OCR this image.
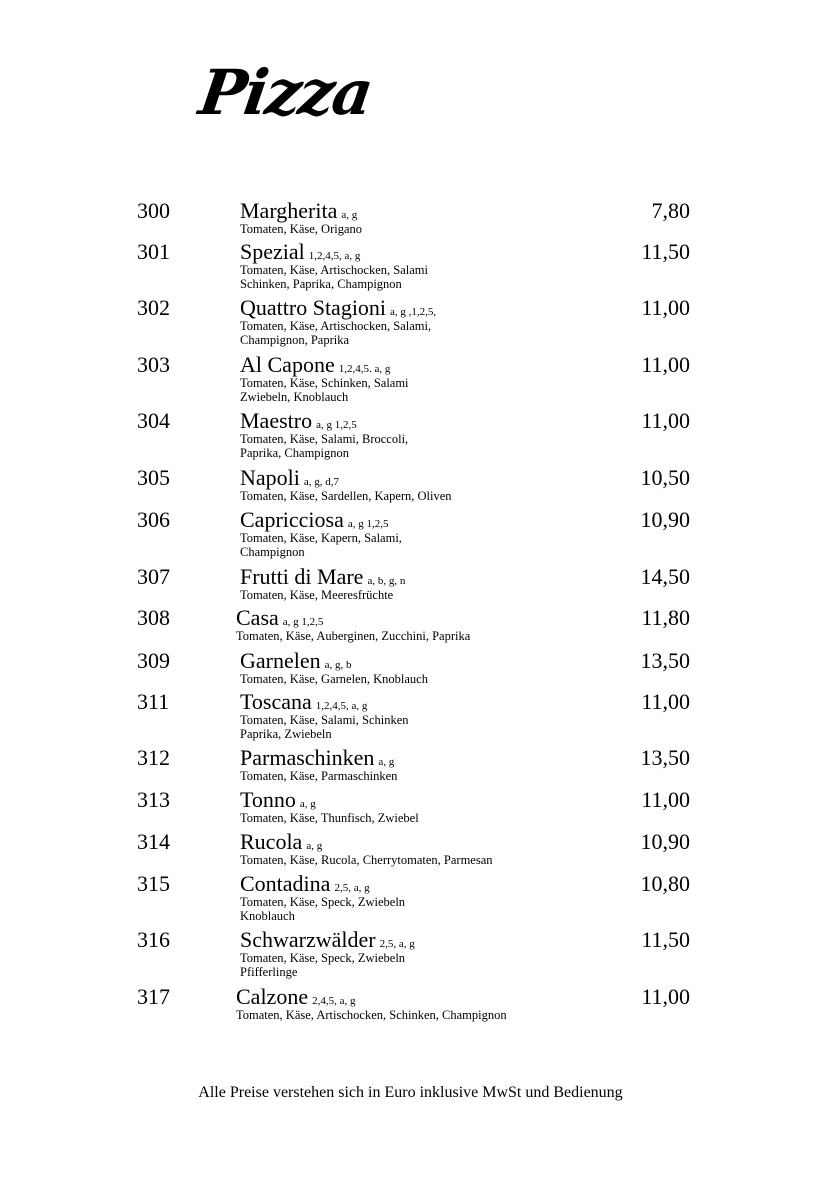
Pizza
300	Margherita a, g	7,80
Tomaten, Käse, Origano
301	Spezial 1,2,4,5, a, g	11,50
Tomaten, Käse, Artischocken, Salami
Schinken, Paprika, Champignon
302	Quattro Stagioni a, g ,1,2,5,	11,00
Tomaten, Käse, Artischocken, Salami,
Champignon, Paprika
303	Al Capone 1,2,4,5. a, g	11,00
Tomaten, Käse, Schinken, Salami
Zwiebeln, Knoblauch
304	Maestro a, g 1,2,5	11,00
Tomaten, Käse, Salami, Broccoli,
Paprika, Champignon
305	Napoli a, g, d,7	10,50
Tomaten, Käse, Sardellen, Kapern, Oliven
306	Capricciosa a, g 1,2,5	10,90
Tomaten, Käse, Kapern, Salami,
Champignon
307	Frutti di Mare a, b, g, n	14,50
Tomaten, Käse, Meeresfrüchte
308	Casa a, g 1,2,5	11,80
Tomaten, Käse, Auberginen, Zucchini, Paprika
309	Garnelen a, g, b	13,50
Tomaten, Käse, Garnelen, Knoblauch
311	Toscana 1,2,4,5, a, g	11,00
Tomaten, Käse, Salami, Schinken
Paprika, Zwiebeln
312	Parmaschinken a, g	13,50
Tomaten, Käse, Parmaschinken
313	Tonno a, g	11,00
Tomaten, Käse, Thunfisch, Zwiebel
314	Rucola a, g	10,90
Tomaten, Käse, Rucola, Cherrytomaten, Parmesan
315	Contadina 2,5, a, g	10,80
Tomaten, Käse, Speck, Zwiebeln
Knoblauch
316	Schwarzwälder 2,5, a, g	11,50
Tomaten, Käse, Speck, Zwiebeln
Pfifferlinge
317	Calzone 2,4,5, a, g	11,00
Tomaten, Käse, Artischocken, Schinken, Champignon
Alle Preise verstehen sich in Euro inklusive MwSt und Bedienung
